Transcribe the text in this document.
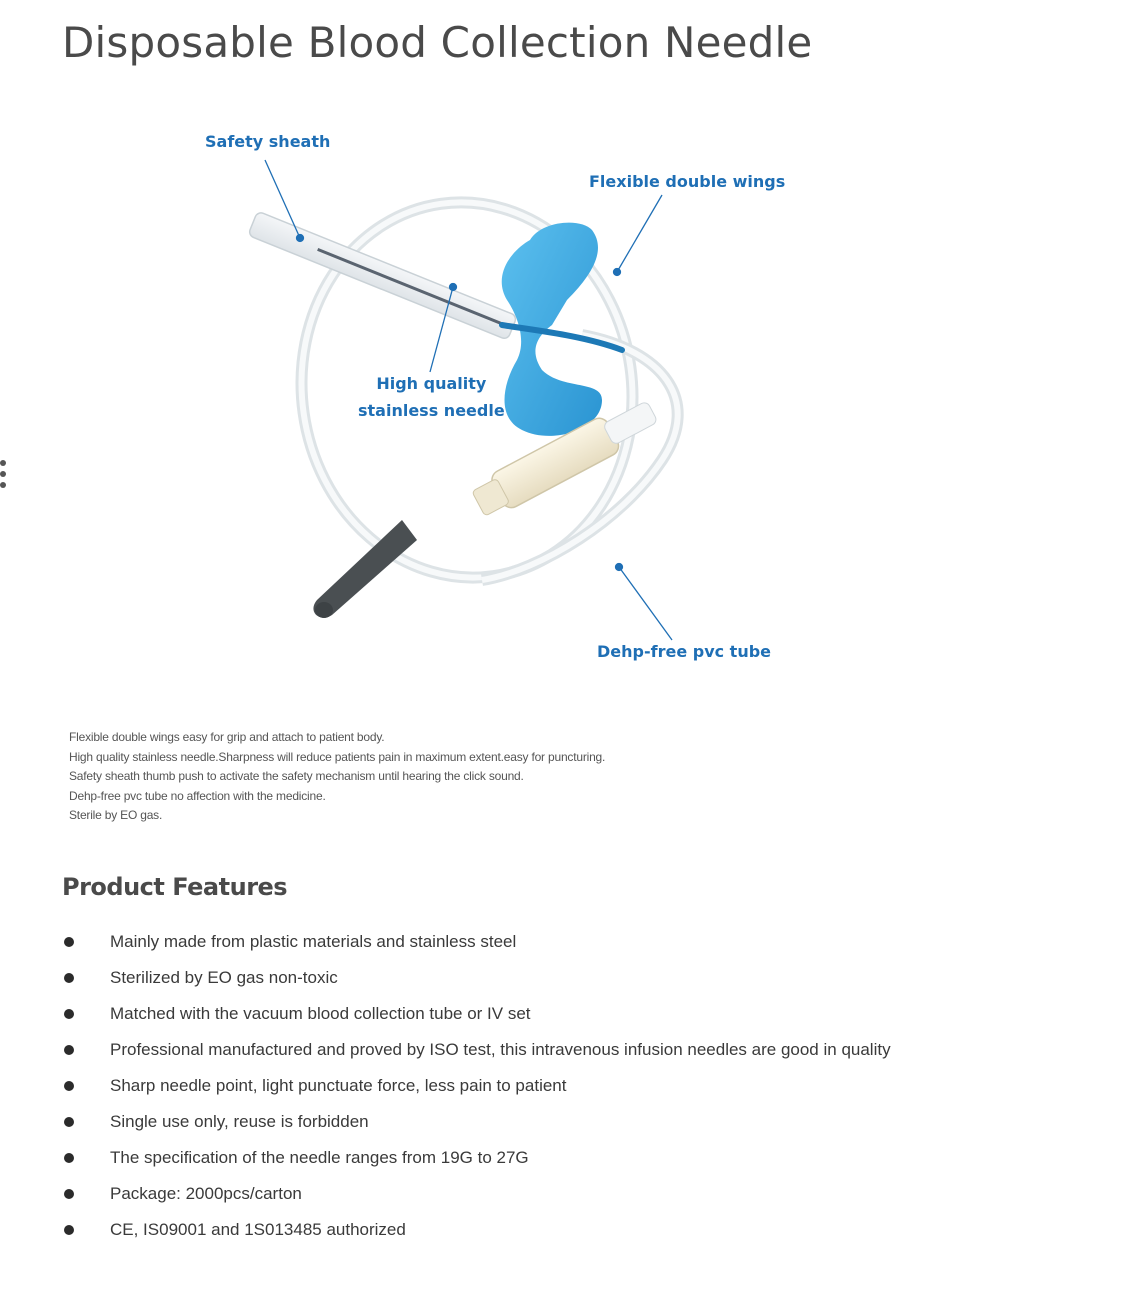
Disposable Blood Collection Needle
Safety sheath
Flexible double wings
High quality
stainless needle
Dehp-free pvc tube
Flexible double wings easy for grip and attach to patient body.
High quality stainless needle.Sharpness will reduce patients pain in maximum extent.easy for puncturing.
Safety sheath thumb push to activate the safety mechanism until hearing the click sound.
Dehp-free pvc tube no affection with the medicine.
Sterile by EO gas.
Product Features
Mainly made from plastic materials and stainless steel
Sterilized by EO gas non-toxic
Matched with the vacuum blood collection tube or IV set
Professional manufactured and proved by ISO test, this intravenous infusion needles are good in quality
Sharp needle point, light punctuate force, less pain to patient
Single use only, reuse is forbidden
The specification of the needle ranges from 19G to 27G
Package: 2000pcs/carton
CE, IS09001 and 1S013485 authorized
